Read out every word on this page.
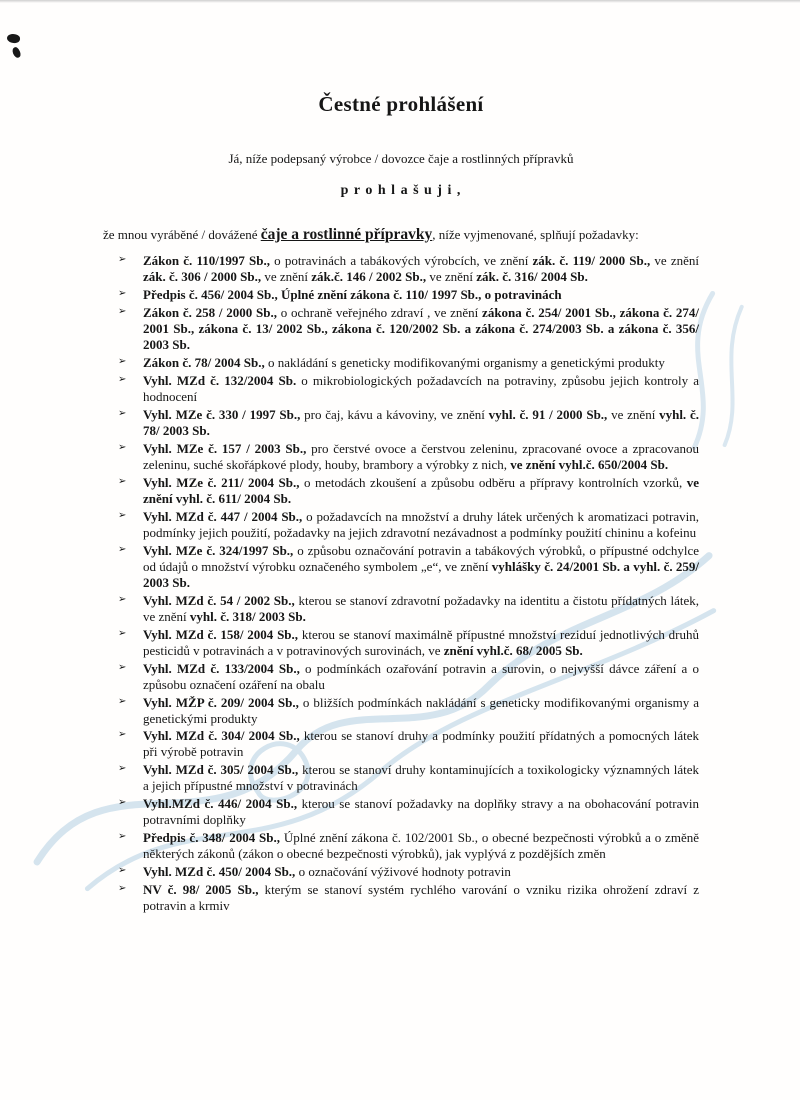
Čestné prohlášení

Já, níže podepsaný výrobce / dovozce čaje a rostlinných přípravků

p r o h l a š u j i ,

že mnou vyráběné / dovážené čaje a rostlinné přípravky, níže vyjmenované, splňují požadavky:

➢ Zákon č. 110/1997 Sb., o potravinách a tabákových výrobcích, ve znění zák. č. 119/ 2000 Sb., ve znění zák. č. 306 / 2000 Sb., ve znění zák.č. 146 / 2002 Sb., ve znění zák. č. 316/ 2004 Sb.
➢ Předpis č. 456/ 2004 Sb., Úplné znění zákona č. 110/ 1997 Sb., o potravinách
➢ Zákon č. 258 / 2000 Sb., o ochraně veřejného zdraví , ve znění zákona č. 254/ 2001 Sb., zákona č. 274/ 2001 Sb., zákona č. 13/ 2002 Sb., zákona č. 120/2002 Sb. a zákona č. 274/2003 Sb. a zákona č. 356/ 2003 Sb.
➢ Zákon č. 78/ 2004 Sb., o nakládání s geneticky modifikovanými organismy a genetickými produkty
➢ Vyhl. MZd č. 132/2004 Sb. o mikrobiologických požadavcích na potraviny, způsobu jejich kontroly a hodnocení
➢ Vyhl. MZe č. 330 / 1997 Sb., pro čaj, kávu a kávoviny, ve znění vyhl. č. 91 / 2000 Sb., ve znění vyhl. č. 78/ 2003 Sb.
➢ Vyhl. MZe č. 157 / 2003 Sb., pro čerstvé ovoce a čerstvou zeleninu, zpracované ovoce a zpracovanou zeleninu, suché skořápkové plody, houby, brambory a výrobky z nich, ve znění vyhl.č. 650/2004 Sb.
➢ Vyhl. MZe č. 211/ 2004 Sb., o metodách zkoušení a způsobu odběru a přípravy kontrolních vzorků, ve znění vyhl. č. 611/ 2004 Sb.
➢ Vyhl. MZd č. 447 / 2004 Sb., o požadavcích na množství a druhy látek určených k aromatizaci potravin, podmínky jejich použití, požadavky na jejich zdravotní nezávadnost a podmínky použití chininu a kofeinu
➢ Vyhl. MZe č. 324/1997 Sb., o způsobu označování potravin a tabákových výrobků, o přípustné odchylce od údajů o množství výrobku označeného symbolem „e“, ve znění vyhlášky č. 24/2001 Sb. a vyhl. č. 259/ 2003 Sb.
➢ Vyhl. MZd č. 54 / 2002 Sb., kterou se stanoví zdravotní požadavky na identitu a čistotu přídatných látek, ve znění vyhl. č. 318/ 2003 Sb.
➢ Vyhl. MZd č. 158/ 2004 Sb., kterou se stanoví maximálně přípustné množství reziduí jednotlivých druhů pesticidů v potravinách a v potravinových surovinách, ve znění vyhl.č. 68/ 2005 Sb.
➢ Vyhl. MZd č. 133/2004 Sb., o podmínkách ozařování potravin a surovin, o nejvyšší dávce záření a o způsobu označení ozáření na obalu
➢ Vyhl. MŽP č. 209/ 2004 Sb., o bližších podmínkách nakládání s geneticky modifikovanými organismy a genetickými produkty
➢ Vyhl. MZd č. 304/ 2004 Sb., kterou se stanoví druhy a podmínky použití přídatných a pomocných látek při výrobě potravin
➢ Vyhl. MZd č. 305/ 2004 Sb., kterou se stanoví druhy kontaminujících a toxikologicky významných látek a jejich přípustné množství v potravinách
➢ Vyhl.MZd č. 446/ 2004 Sb., kterou se stanoví požadavky na doplňky stravy a na obohacování potravin potravními doplňky
➢ Předpis č. 348/ 2004 Sb., Úplné znění zákona č. 102/2001 Sb., o obecné bezpečnosti výrobků a o změně některých zákonů (zákon o obecné bezpečnosti výrobků), jak vyplývá z pozdějších změn
➢ Vyhl. MZd č. 450/ 2004 Sb., o označování výživové hodnoty potravin
➢ NV č. 98/ 2005 Sb., kterým se stanoví systém rychlého varování o vzniku rizika ohrožení zdraví z potravin a krmiv
